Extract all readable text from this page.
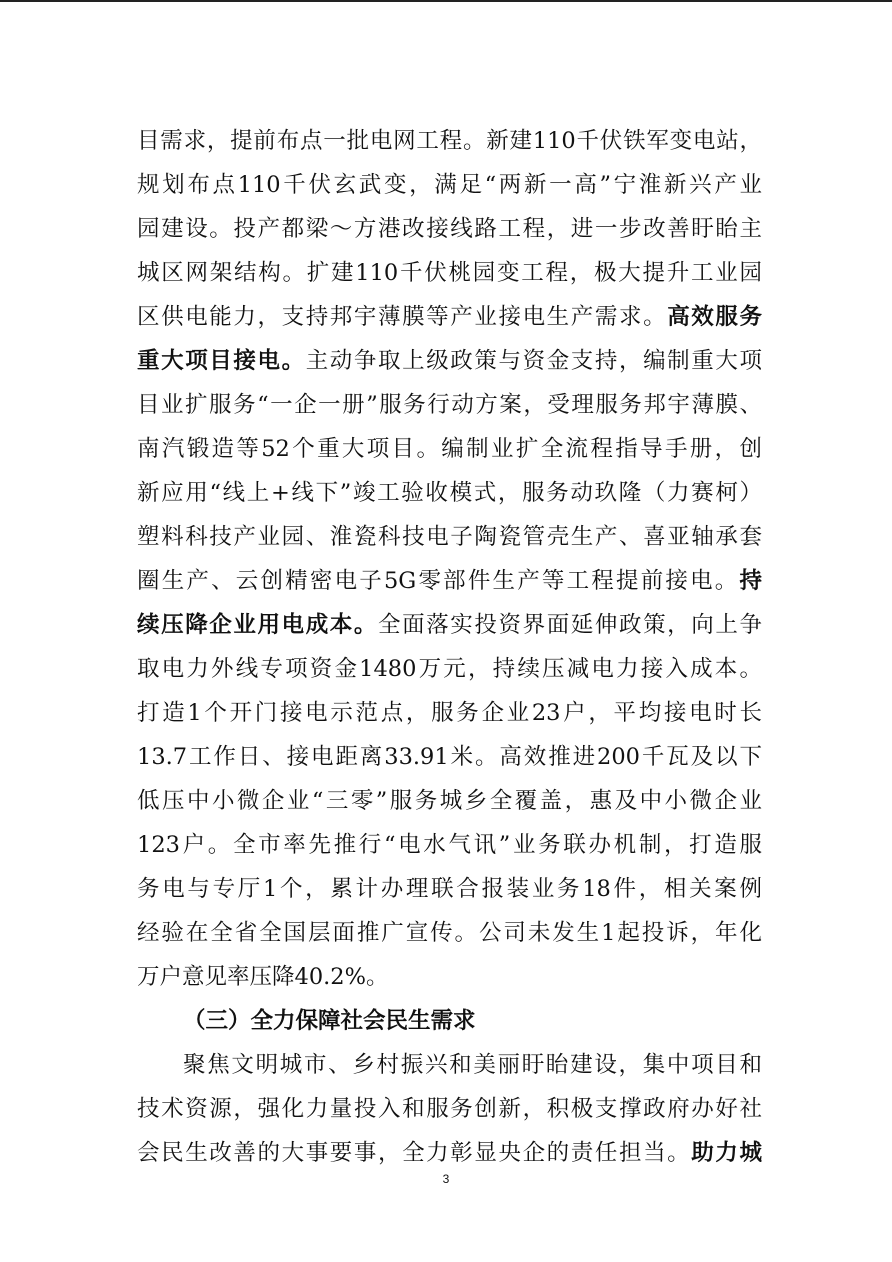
目需求，提前布点一批电网工程。新建110千伏铁军变电站，
规划布点110千伏玄武变，满足“两新一高”宁淮新兴产业
园建设。投产都梁～方港改接线路工程，进一步改善盱眙主
城区网架结构。扩建110千伏桃园变工程，极大提升工业园
区供电能力，支持邦宇薄膜等产业接电生产需求。高效服务
重大项目接电。主动争取上级政策与资金支持，编制重大项
目业扩服务“一企一册”服务行动方案，受理服务邦宇薄膜、
南汽锻造等52个重大项目。编制业扩全流程指导手册，创
新应用“线上+线下”竣工验收模式，服务动玖隆（力赛柯）
塑料科技产业园、淮瓷科技电子陶瓷管壳生产、喜亚轴承套
圈生产、云创精密电子5G零部件生产等工程提前接电。持
续压降企业用电成本。全面落实投资界面延伸政策，向上争
取电力外线专项资金1480万元，持续压减电力接入成本。
打造1个开门接电示范点，服务企业23户，平均接电时长
13.7工作日、接电距离33.91米。高效推进200千瓦及以下
低压中小微企业“三零”服务城乡全覆盖，惠及中小微企业
123户。全市率先推行“电水气讯”业务联办机制，打造服
务电与专厅1个，累计办理联合报装业务18件，相关案例
经验在全省全国层面推广宣传。公司未发生1起投诉，年化
万户意见率压降40.2%。
（三）全力保障社会民生需求
聚焦文明城市、乡村振兴和美丽盱眙建设，集中项目和
技术资源，强化力量投入和服务创新，积极支撑政府办好社
会民生改善的大事要事，全力彰显央企的责任担当。助力城
3
